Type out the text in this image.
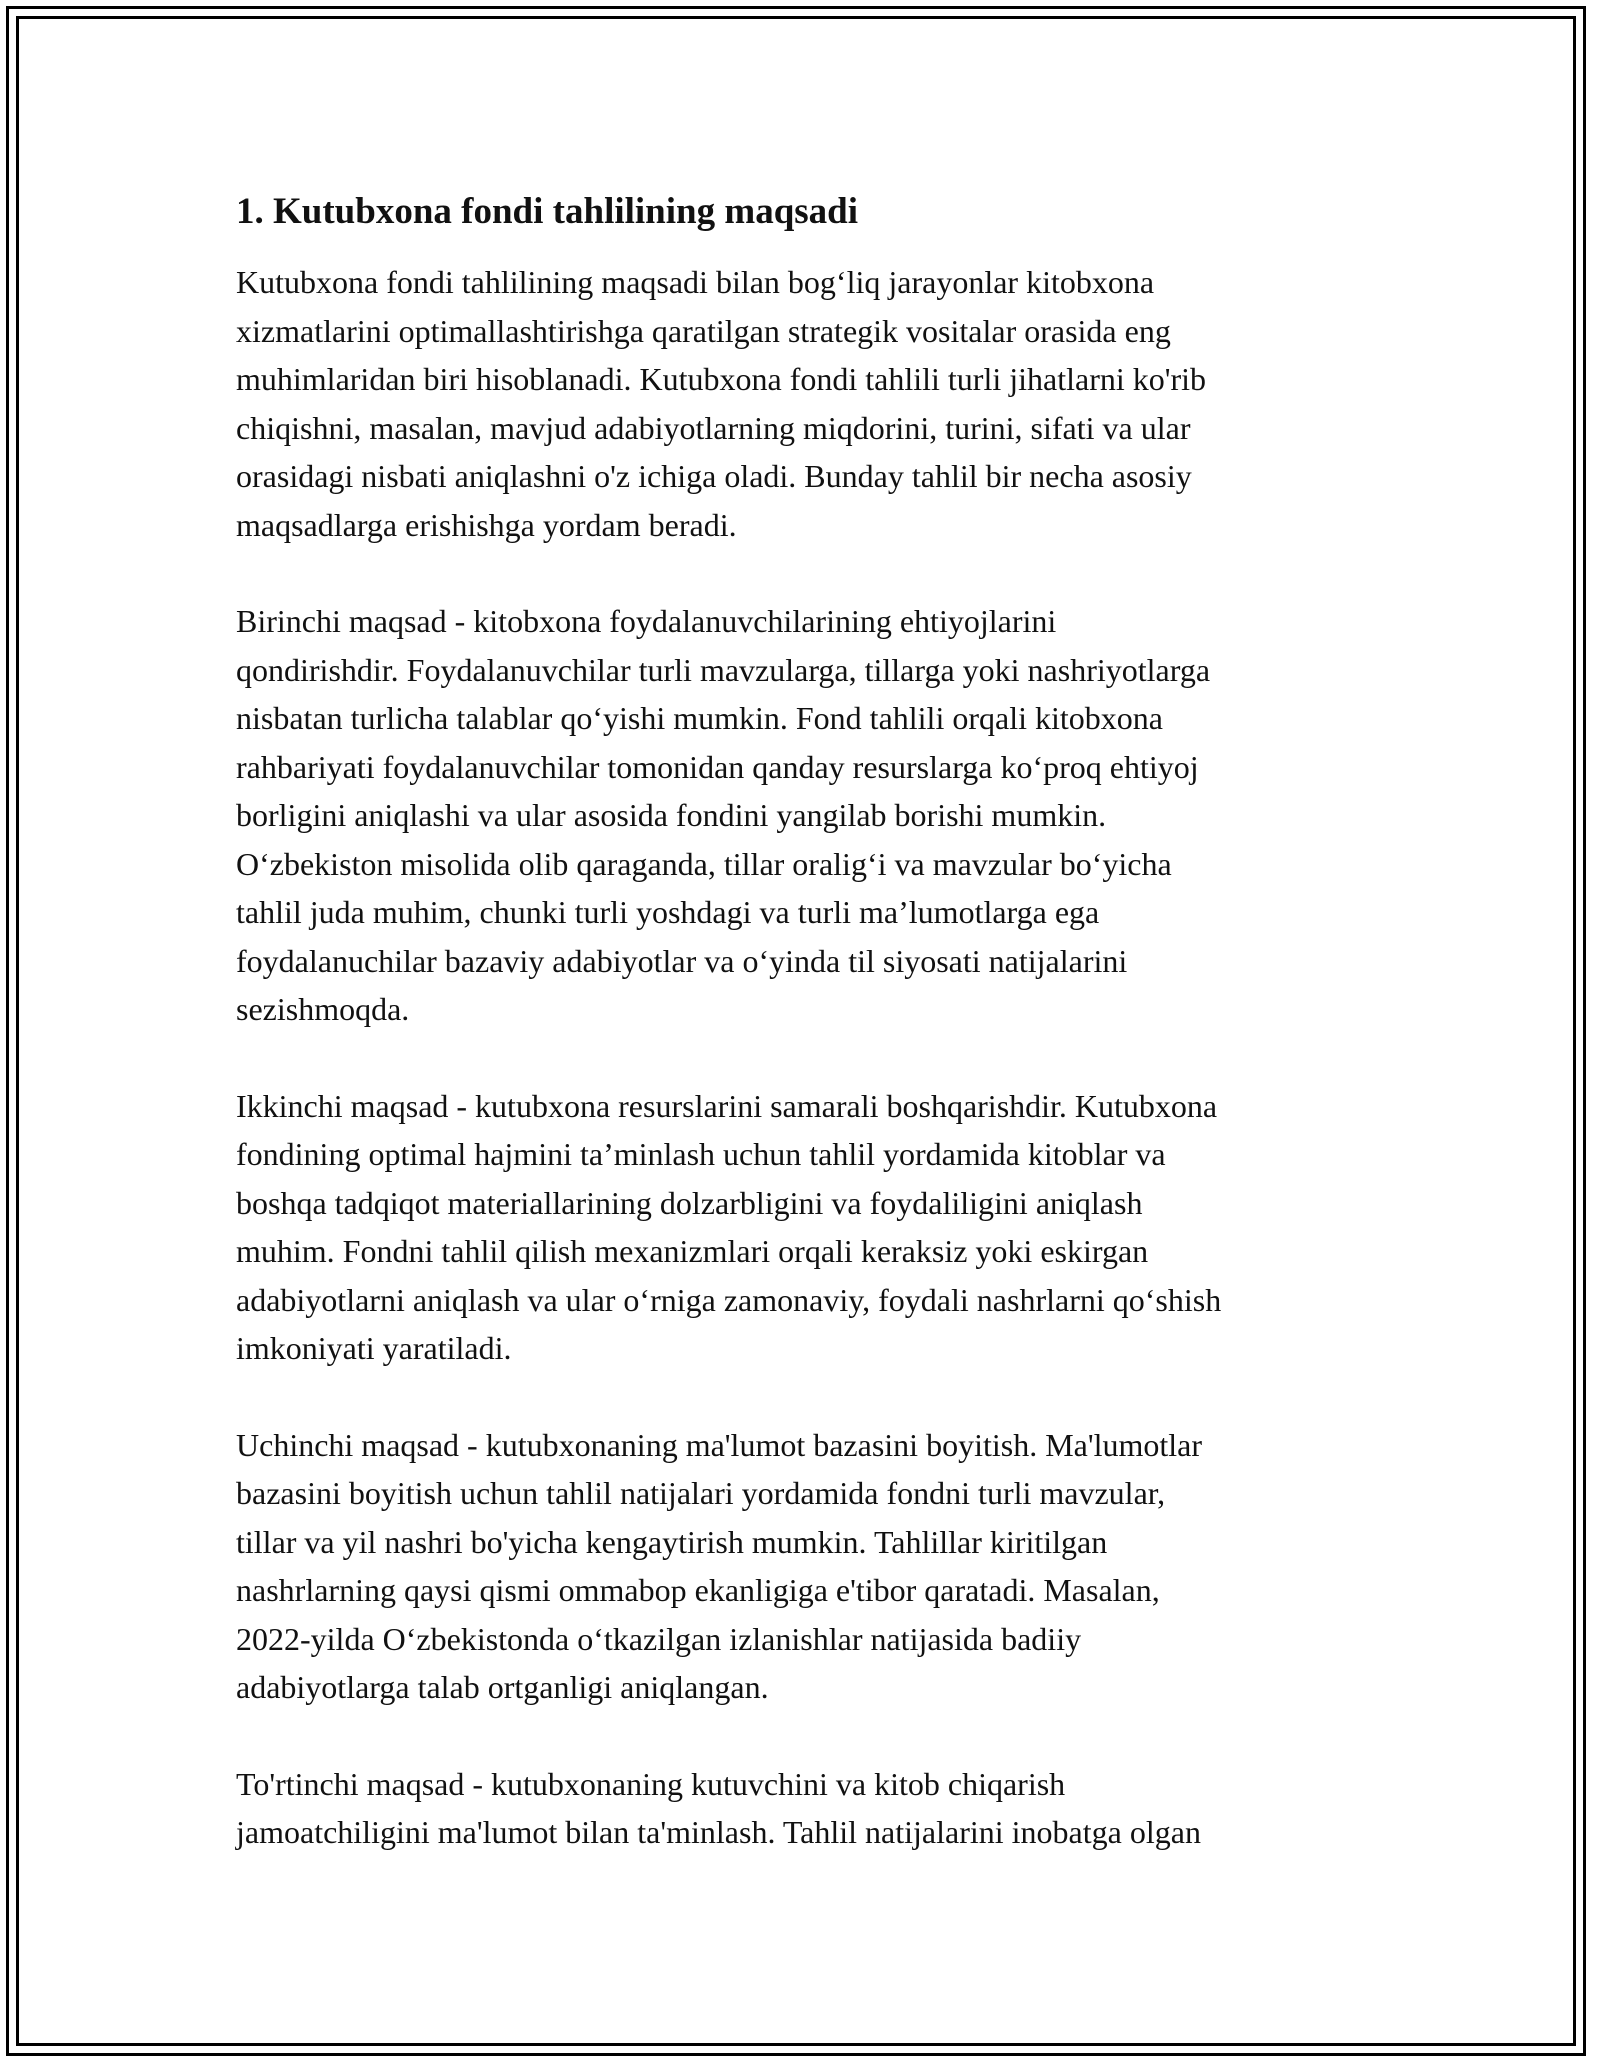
1. Kutubxona fondi tahlilining maqsadi

Kutubxona fondi tahlilining maqsadi bilan bog‘liq jarayonlar kitobxona
xizmatlarini optimallashtirishga qaratilgan strategik vositalar orasida eng
muhimlaridan biri hisoblanadi. Kutubxona fondi tahlili turli jihatlarni ko'rib
chiqishni, masalan, mavjud adabiyotlarning miqdorini, turini, sifati va ular
orasidagi nisbati aniqlashni o'z ichiga oladi. Bunday tahlil bir necha asosiy
maqsadlarga erishishga yordam beradi.

Birinchi maqsad - kitobxona foydalanuvchilarining ehtiyojlarini
qondirishdir. Foydalanuvchilar turli mavzularga, tillarga yoki nashriyotlarga
nisbatan turlicha talablar qo‘yishi mumkin. Fond tahlili orqali kitobxona
rahbariyati foydalanuvchilar tomonidan qanday resurslarga ko‘proq ehtiyoj
borligini aniqlashi va ular asosida fondini yangilab borishi mumkin.
O‘zbekiston misolida olib qaraganda, tillar oralig‘i va mavzular bo‘yicha
tahlil juda muhim, chunki turli yoshdagi va turli ma’lumotlarga ega
foydalanuchilar bazaviy adabiyotlar va o‘yinda til siyosati natijalarini
sezishmoqda.

Ikkinchi maqsad - kutubxona resurslarini samarali boshqarishdir. Kutubxona
fondining optimal hajmini ta’minlash uchun tahlil yordamida kitoblar va
boshqa tadqiqot materiallarining dolzarbligini va foydaliligini aniqlash
muhim. Fondni tahlil qilish mexanizmlari orqali keraksiz yoki eskirgan
adabiyotlarni aniqlash va ular o‘rniga zamonaviy, foydali nashrlarni qo‘shish
imkoniyati yaratiladi.

Uchinchi maqsad - kutubxonaning ma'lumot bazasini boyitish. Ma'lumotlar
bazasini boyitish uchun tahlil natijalari yordamida fondni turli mavzular,
tillar va yil nashri bo'yicha kengaytirish mumkin. Tahlillar kiritilgan
nashrlarning qaysi qismi ommabop ekanligiga e'tibor qaratadi. Masalan,
2022-yilda O‘zbekistonda o‘tkazilgan izlanishlar natijasida badiiy
adabiyotlarga talab ortganligi aniqlangan.

To'rtinchi maqsad - kutubxonaning kutuvchini va kitob chiqarish
jamoatchiligini ma'lumot bilan ta'minlash. Tahlil natijalarini inobatga olgan
